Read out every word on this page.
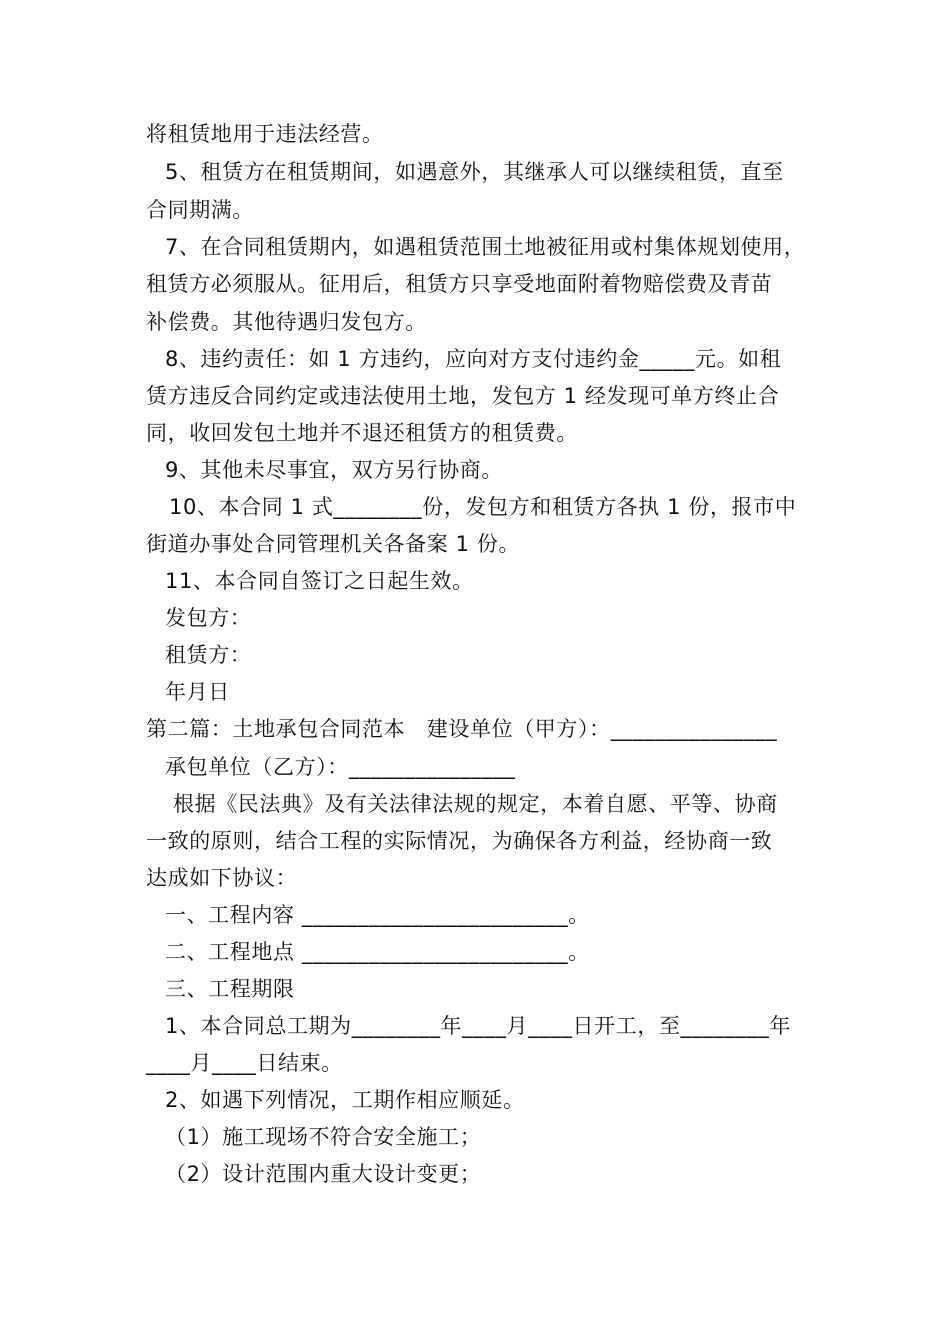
将租赁地用于违法经营。
5、租赁方在租赁期间，如遇意外，其继承人可以继续租赁，直至
合同期满。
7、在合同租赁期内，如遇租赁范围土地被征用或村集体规划使用，
租赁方必须服从。征用后，租赁方只享受地面附着物赔偿费及青苗
补偿费。其他待遇归发包方。
8、违约责任：如 1 方违约，应向对方支付违约金_____元。如租
赁方违反合同约定或违法使用土地，发包方 1 经发现可单方终止合
同，收回发包土地并不退还租赁方的租赁费。
9、其他未尽事宜，双方另行协商。
10、本合同 1 式________份，发包方和租赁方各执 1 份，报市中
街道办事处合同管理机关各备案 1 份。
11、本合同自签订之日起生效。
发包方：
租赁方：
年月日
第二篇：土地承包合同范本　建设单位（甲方）：_______________
承包单位（乙方）：_______________
根据《民法典》及有关法律法规的规定，本着自愿、平等、协商
一致的原则，结合工程的实际情况，为确保各方利益，经协商一致
达成如下协议：
一、工程内容 ________________________。
二、工程地点 ________________________。
三、工程期限
1、本合同总工期为________年____月____日开工，至________年
____月____日结束。
2、如遇下列情况，工期作相应顺延。
（1）施工现场不符合安全施工；
（2）设计范围内重大设计变更；
